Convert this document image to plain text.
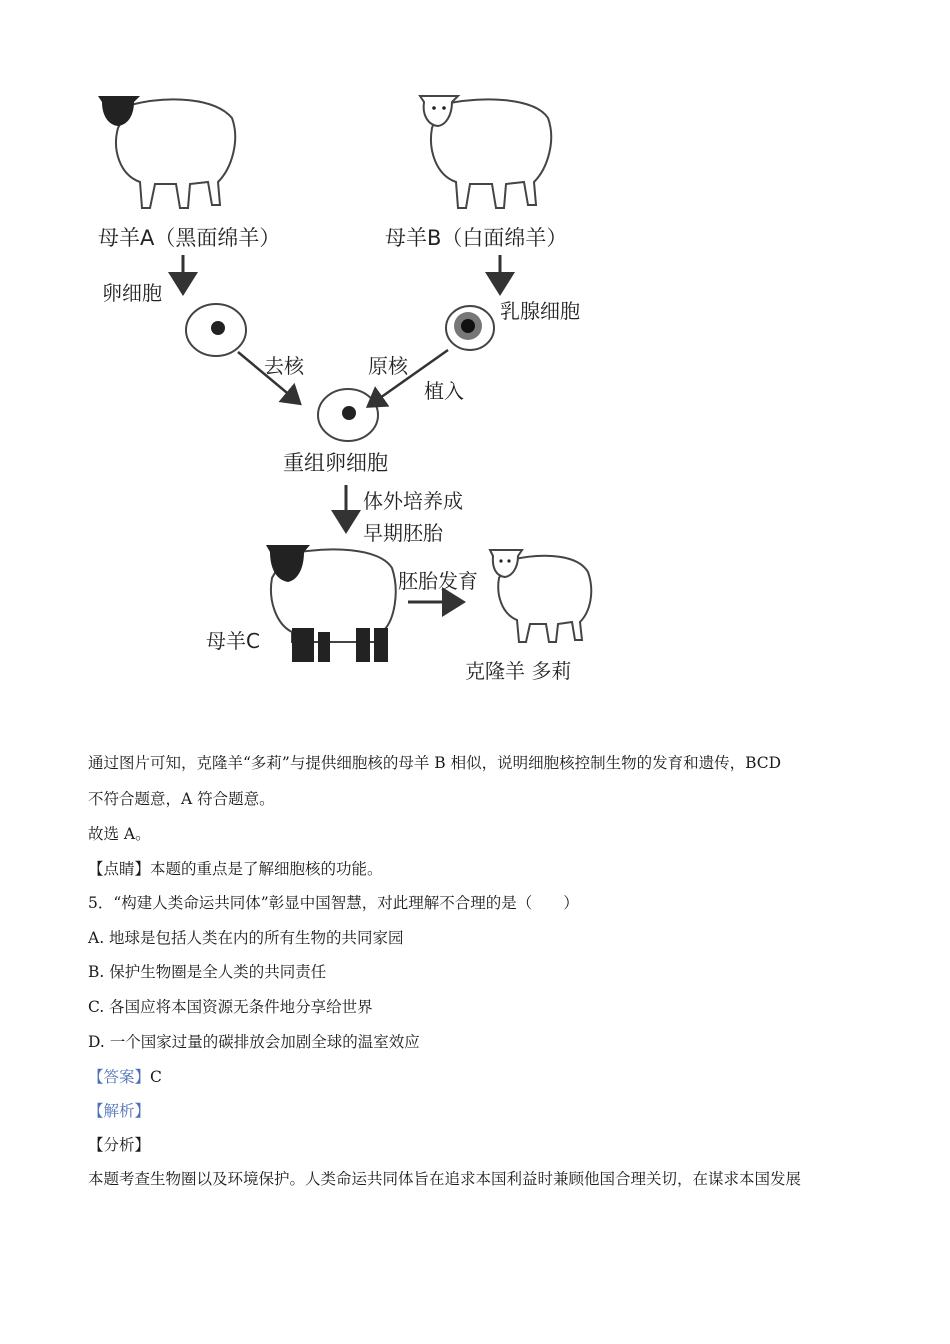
母羊A（黑面绵羊）	母羊B（白面绵羊）
卵细胞
乳腺细胞
去核	原核
植入
重组卵细胞
体外培养成
早期胚胎
母羊C
胚胎发育
克隆羊 多莉
通过图片可知，克隆羊“多莉”与提供细胞核的母羊 B 相似，说明细胞核控制生物的发育和遗传，BCD
不符合题意，A 符合题意。
故选 A。
【点睛】本题的重点是了解细胞核的功能。
5．“构建人类命运共同体”彰显中国智慧，对此理解不合理的是（　　）
A. 地球是包括人类在内的所有生物的共同家园
B. 保护生物圈是全人类的共同责任
C. 各国应将本国资源无条件地分享给世界
D. 一个国家过量的碳排放会加剧全球的温室效应
【答案】C
【解析】
【分析】
本题考查生物圈以及环境保护。人类命运共同体旨在追求本国利益时兼顾他国合理关切，在谋求本国发展
